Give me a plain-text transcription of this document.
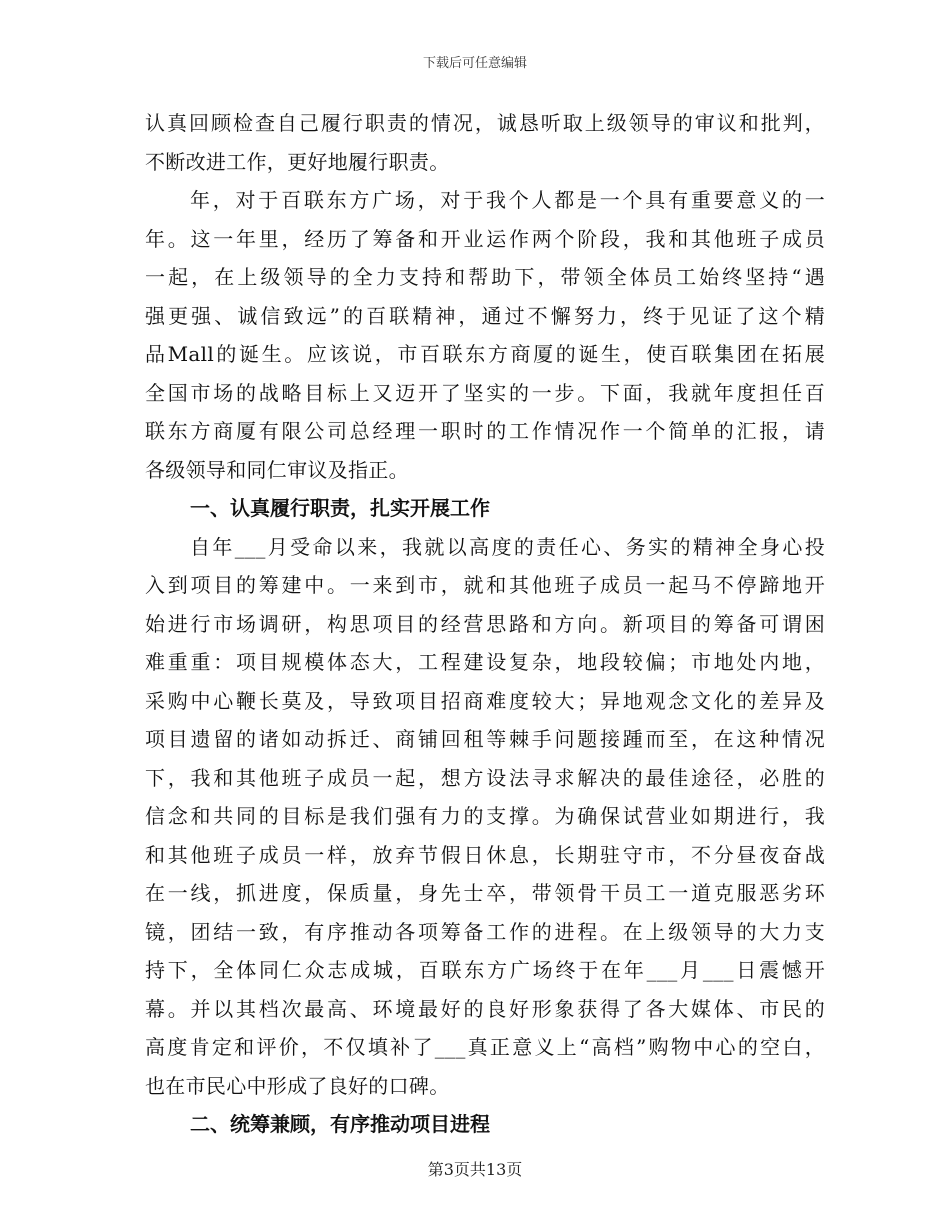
下载后可任意编辑
认真回顾检查自己履行职责的情况，诚恳听取上级领导的审议和批判，
不断改进工作，更好地履行职责。
年，对于百联东方广场，对于我个人都是一个具有重要意义的一
年。这一年里，经历了筹备和开业运作两个阶段，我和其他班子成员
一起，在上级领导的全力支持和帮助下，带领全体员工始终坚持“遇
强更强、诚信致远”的百联精神，通过不懈努力，终于见证了这个精
品Mall的诞生。应该说，市百联东方商厦的诞生，使百联集团在拓展
全国市场的战略目标上又迈开了坚实的一步。下面，我就年度担任百
联东方商厦有限公司总经理一职时的工作情况作一个简单的汇报，请
各级领导和同仁审议及指正。
一、认真履行职责，扎实开展工作
自年___月受命以来，我就以高度的责任心、务实的精神全身心投
入到项目的筹建中。一来到市，就和其他班子成员一起马不停蹄地开
始进行市场调研，构思项目的经营思路和方向。新项目的筹备可谓困
难重重：项目规模体态大，工程建设复杂，地段较偏；市地处内地，
采购中心鞭长莫及，导致项目招商难度较大；异地观念文化的差异及
项目遗留的诸如动拆迁、商铺回租等棘手问题接踵而至，在这种情况
下，我和其他班子成员一起，想方设法寻求解决的最佳途径，必胜的
信念和共同的目标是我们强有力的支撑。为确保试营业如期进行，我
和其他班子成员一样，放弃节假日休息，长期驻守市，不分昼夜奋战
在一线，抓进度，保质量，身先士卒，带领骨干员工一道克服恶劣环
镜，团结一致，有序推动各项筹备工作的进程。在上级领导的大力支
持下，全体同仁众志成城，百联东方广场终于在年___月___日震憾开
幕。并以其档次最高、环境最好的良好形象获得了各大媒体、市民的
高度肯定和评价，不仅填补了___真正意义上“高档”购物中心的空白，
也在市民心中形成了良好的口碑。
二、统筹兼顾，有序推动项目进程
第3页共13页
